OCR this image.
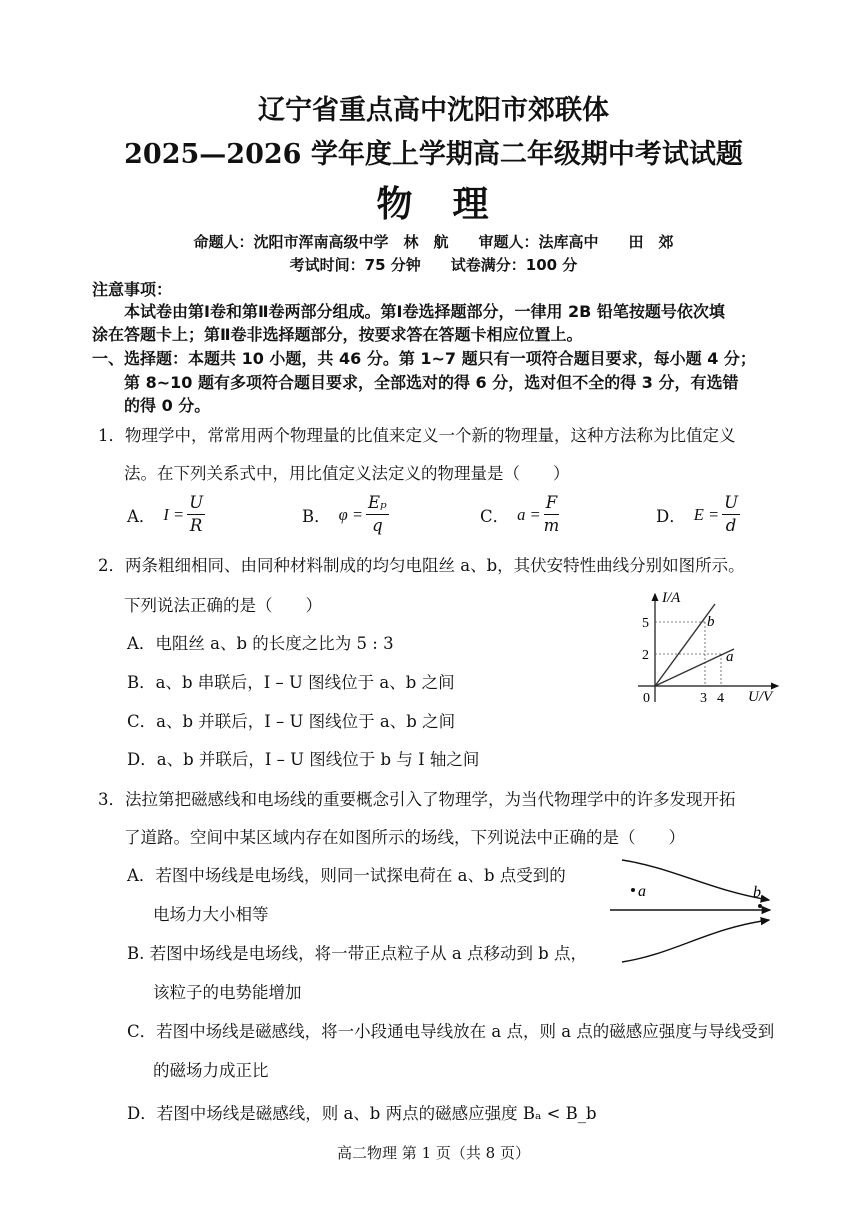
辽宁省重点高中沈阳市郊联体
2025—2026 学年度上学期高二年级期中考试试题
物　理
命题人：沈阳市浑南高级中学　林　航　　审题人：法库高中　　田　郊
考试时间：75 分钟　　试卷满分：100 分
注意事项：
本试卷由第Ⅰ卷和第Ⅱ卷两部分组成。第Ⅰ卷选择题部分，一律用 2B 铅笔按题号依次填
涂在答题卡上；第Ⅱ卷非选择题部分，按要求答在答题卡相应位置上。
一、选择题：本题共 10 小题，共 46 分。第 1~7 题只有一项符合题目要求，每小题 4 分；
第 8~10 题有多项符合题目要求，全部选对的得 6 分，选对但不全的得 3 分，有选错
的得 0 分。
1．物理学中，常常用两个物理量的比值来定义一个新的物理量，这种方法称为比值定义
法。在下列关系式中，用比值定义法定义的物理量是（　　）
A． $I = \frac{U}{R}$	B． $\varphi = \frac{\text{Eₚ}}{q}$	C． $a = \frac{F}{m}$	D． $E = \frac{U}{d}$
2．两条粗细相同、由同种材料制成的均匀电阻丝 a、b，其伏安特性曲线分别如图所示。
下列说法正确的是（　　）
A．电阻丝 a、b 的长度之比为 5 : 3
B．a、b 串联后，I – U 图线位于 a、b 之间
C．a、b 并联后，I – U 图线位于 a、b 之间
D．a、b 并联后，I – U 图线位于 b 与 I 轴之间
I/A
U/V
0
5
2
3 4
b
a
3．法拉第把磁感线和电场线的重要概念引入了物理学，为当代物理学中的许多发现开拓
了道路。空间中某区域内存在如图所示的场线，下列说法中正确的是（　　）
A．若图中场线是电场线，则同一试探电荷在 a、b 点受到的
电场力大小相等
B. 若图中场线是电场线，将一带正点粒子从 a 点移动到 b 点，
该粒子的电势能增加
C．若图中场线是磁感线，将一小段通电导线放在 a 点，则 a 点的磁感应强度与导线受到
的磁场力成正比
D．若图中场线是磁感线，则 a、b 两点的磁感应强度 Bₐ < B_b
a	b
高二物理 第 1 页（共 8 页）
